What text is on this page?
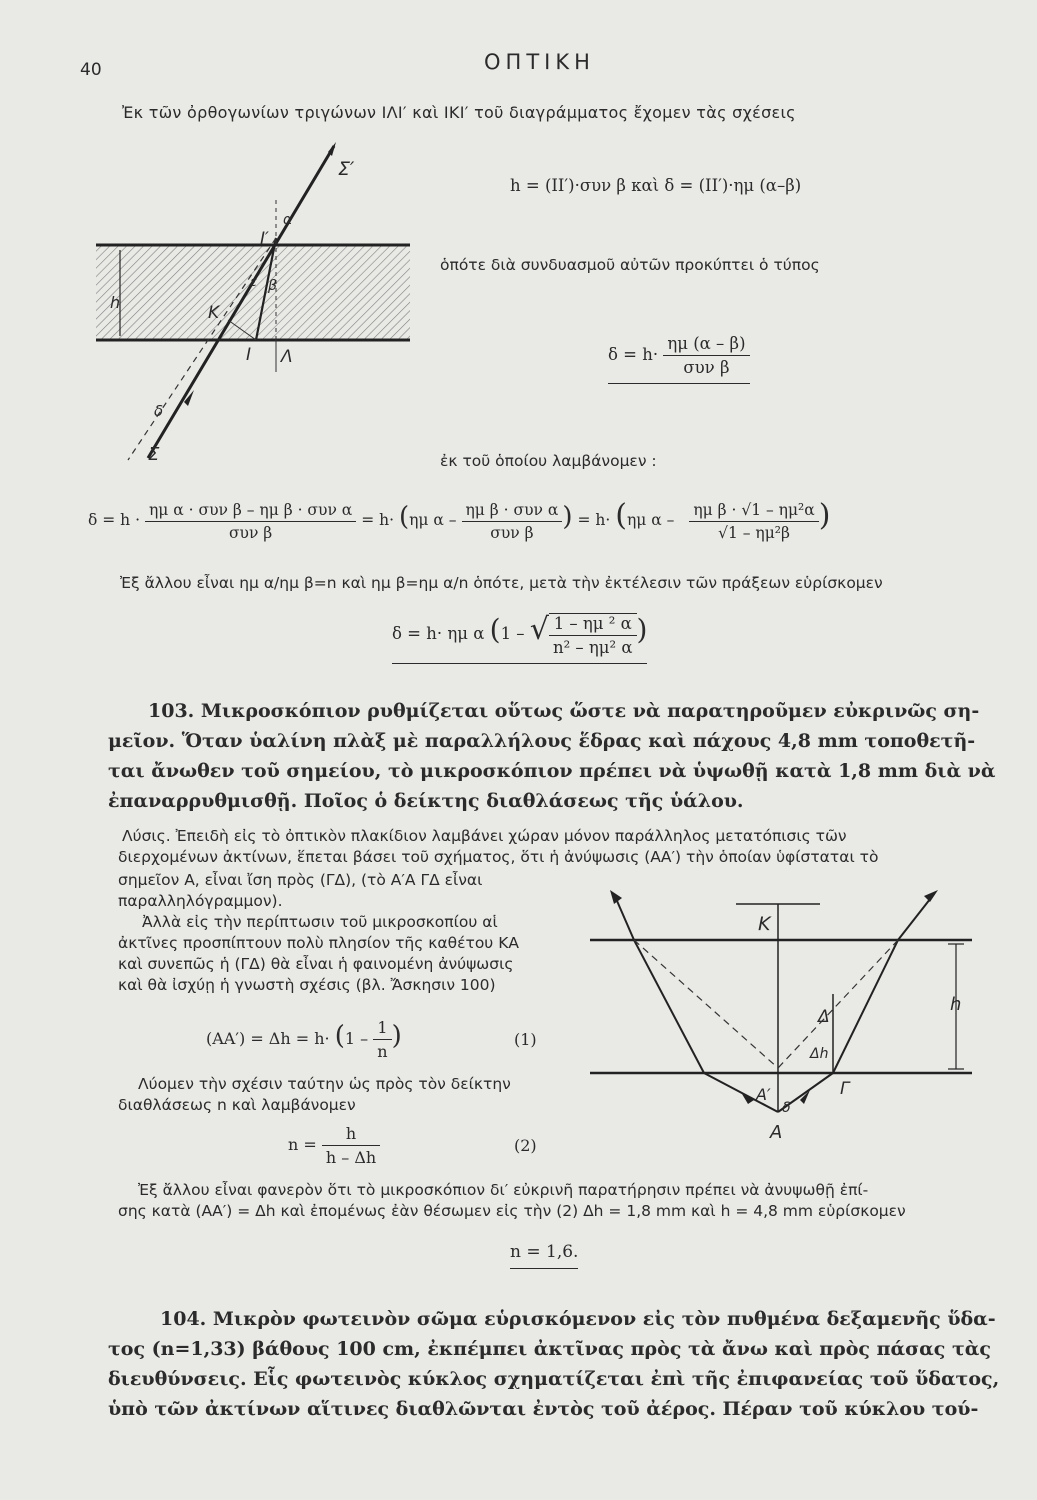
40	ΟΠΤΙΚΗ
Ἐκ τῶν ὀρθογωνίων τριγώνων ΙΛΙ′ καὶ ΙΚΙ′ τοῦ διαγράμματος ἔχομεν τὰς σχέσεις
Σ′
α
Ι′
β
ε
h
Κ
Ι Λ
δ
Σ
h = (ΙΙ′)·συν β καὶ δ = (ΙΙ′)·ημ (α–β)
ὁπότε διὰ συνδυασμοῦ αὐτῶν προκύπτει ὁ τύπος
$\delta = h\cdot \frac{\eta\mu (\alpha - \beta)}{\text{συν β}}$
ἐκ τοῦ ὁποίου λαμβάνομεν :
$\delta = h \cdot \frac{\text{ημ α · συν β – ημ β · συν α}}{\text{συν β}} = h\cdot (\eta\mu$ α – $\frac{\text{ημ β · συν α}}{\text{συν β}}$ ) = h· (ημ α – $\frac{\text{ημ β · √1 – ημ²α}}{\text{√1 – ημ²β}}$ )
Ἐξ ἄλλου εἶναι ημ α/ημ β=n καὶ ημ β=ημ α/n ὁπότε, μετὰ τὴν ἐκτέλεσιν τῶν πράξεων εὑρίσκομεν
δ = h· ημ α (1 – √ $\frac{\text{1 – ημ ² α}}{\text{n² – ημ² α}}$ )
103. Μικροσκόπιον ρυθμίζεται οὕτως ὥστε νὰ παρατηροῦμεν εὐκρινῶς ση-
μεῖον. Ὅταν ὑαλίνη πλὰξ μὲ παραλλήλους ἕδρας καὶ πάχους 4,8 mm τοποθετῆ-
ται ἄνωθεν τοῦ σημείου, τὸ μικροσκόπιον πρέπει νὰ ὑψωθῇ κατὰ 1,8 mm διὰ νὰ
ἐπαναρρυθμισθῇ. Ποῖος ὁ δείκτης διαθλάσεως τῆς ὑάλου.
Λύσις. Ἐπειδὴ εἰς τὸ ὀπτικὸν πλακίδιον λαμβάνει χώραν μόνον παράλληλος μετατόπισις τῶν
διερχομένων ἀκτίνων, ἕπεται βάσει τοῦ σχήματος, ὅτι ἡ ἀνύψωσις (ΑΑ′) τὴν ὁποίαν ὑφίσταται τὸ
σημεῖον Α, εἶναι ἴση πρὸς (ΓΔ), (τὸ Α′Α ΓΔ εἶναι
παραλληλόγραμμον).
Ἀλλὰ εἰς τὴν περίπτωσιν τοῦ μικροσκοπίου αἱ
ἀκτῖνες προσπίπτουν πολὺ πλησίον τῆς καθέτου ΚΑ
καὶ συνεπῶς ἡ (ΓΔ) θὰ εἶναι ἡ φαινομένη ἀνύψωσις
καὶ θὰ ἰσχύῃ ἡ γνωστὴ σχέσις (βλ. Ἄσκησιν 100)
$(AA') = \Delta h = h\cdot (1 - \frac{1}{n}$ )	(1)
Λύομεν τὴν σχέσιν ταύτην ὡς πρὸς τὸν δείκτην
διαθλάσεως n καὶ λαμβάνομεν
$n = \frac{h}{h - \Delta h}$	(2)
Κ
h
Δ
Δh
Α′
δ
Γ
Α
Ἐξ ἄλλου εἶναι φανερὸν ὅτι τὸ μικροσκόπιον δι′ εὐκρινῆ παρατήρησιν πρέπει νὰ ἀνυψωθῇ ἐπί-
σης κατὰ (ΑΑ′) = Δh καὶ ἐπομένως ἐὰν θέσωμεν εἰς τὴν (2) Δh = 1,8 mm καὶ h = 4,8 mm εὑρίσκομεν
n = 1,6.
104. Μικρὸν φωτεινὸν σῶμα εὑρισκόμενον εἰς τὸν πυθμένα δεξαμενῆς ὕδα-
τος (n=1,33) βάθους 100 cm, ἐκπέμπει ἀκτῖνας πρὸς τὰ ἄνω καὶ πρὸς πάσας τὰς
διευθύνσεις. Εἷς φωτεινὸς κύκλος σχηματίζεται ἐπὶ τῆς ἐπιφανείας τοῦ ὕδατος,
ὑπὸ τῶν ἀκτίνων αἵτινες διαθλῶνται ἐντὸς τοῦ ἀέρος. Πέραν τοῦ κύκλου τού-
